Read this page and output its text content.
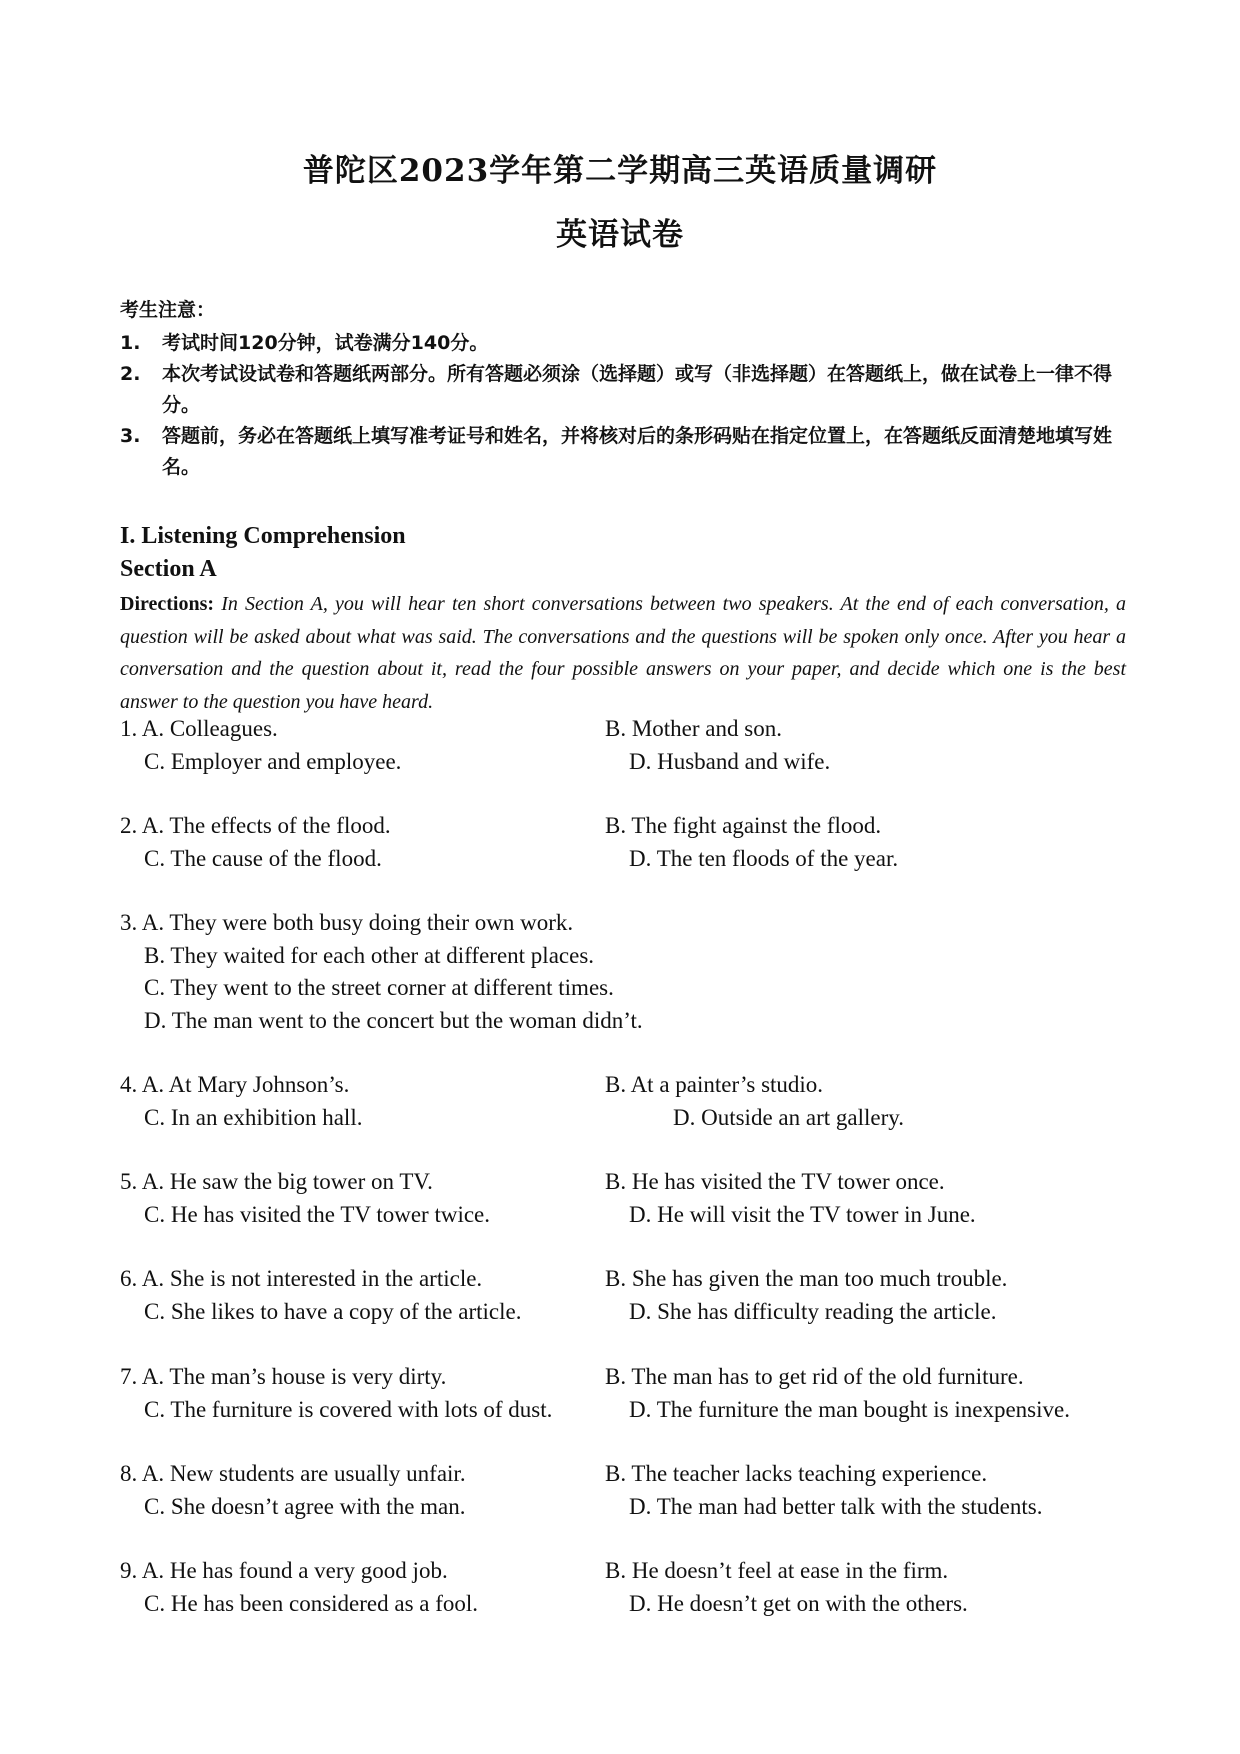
普陀区2023学年第二学期高三英语质量调研
英语试卷
考生注意：
1.	考试时间120分钟，试卷满分140分。
2.	本次考试设试卷和答题纸两部分。所有答题必须涂（选择题）或写（非选择题）在答题纸上，做在试卷上一律不得分。
3.	答题前，务必在答题纸上填写准考证号和姓名，并将核对后的条形码贴在指定位置上，在答题纸反面清楚地填写姓名。
I. Listening Comprehension
Section A
Directions: In Section A, you will hear ten short conversations between two speakers. At the end of each conversation, a question will be asked about what was said. The conversations and the questions will be spoken only once. After you hear a conversation and the question about it, read the four possible answers on your paper, and decide which one is the best answer to the question you have heard.
1. A. Colleagues.	B. Mother and son.
C. Employer and employee.	D. Husband and wife.
2. A. The effects of the flood.	B. The fight against the flood.
C. The cause of the flood.	D. The ten floods of the year.
3. A. They were both busy doing their own work.
B. They waited for each other at different places.
C. They went to the street corner at different times.
D. The man went to the concert but the woman didn’t.
4. A. At Mary Johnson’s.	B. At a painter’s studio.
C. In an exhibition hall.	D. Outside an art gallery.
5. A. He saw the big tower on TV.	B. He has visited the TV tower once.
C. He has visited the TV tower twice.	D. He will visit the TV tower in June.
6. A. She is not interested in the article.	B. She has given the man too much trouble.
C. She likes to have a copy of the article.	D. She has difficulty reading the article.
7. A. The man’s house is very dirty.	B. The man has to get rid of the old furniture.
C. The furniture is covered with lots of dust.	D. The furniture the man bought is inexpensive.
8. A. New students are usually unfair.	B. The teacher lacks teaching experience.
C. She doesn’t agree with the man.	D. The man had better talk with the students.
9. A. He has found a very good job.	B. He doesn’t feel at ease in the firm.
C. He has been considered as a fool.	D. He doesn’t get on with the others.
